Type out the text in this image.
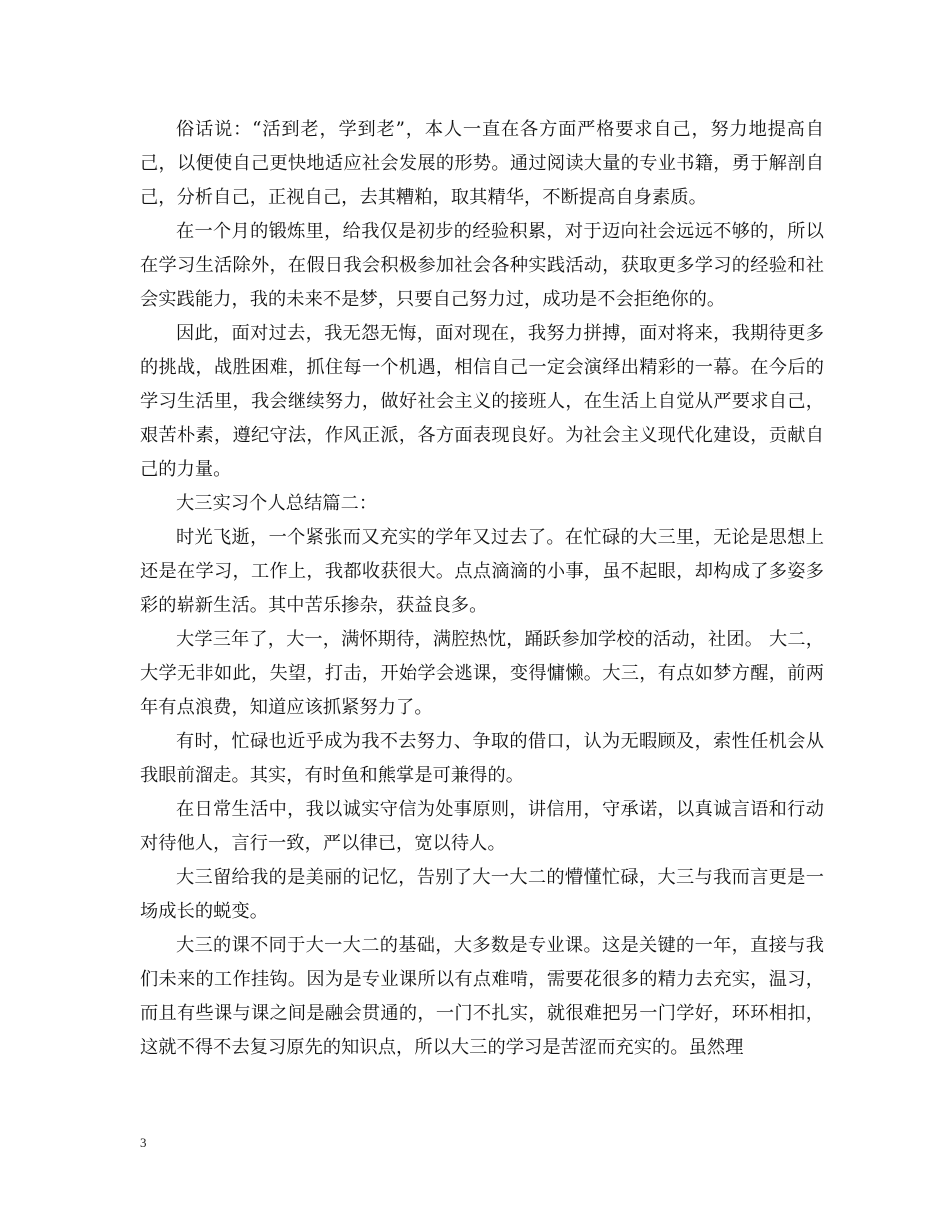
俗话说：“活到老，学到老”，本人一直在各方面严格要求自己，努力地提高自己，以便使自己更快地适应社会发展的形势。通过阅读大量的专业书籍，勇于解剖自己，分析自己，正视自己，去其糟粕，取其精华，不断提高自身素质。

在一个月的锻炼里，给我仅是初步的经验积累，对于迈向社会远远不够的，所以在学习生活除外，在假日我会积极参加社会各种实践活动，获取更多学习的经验和社会实践能力，我的未来不是梦，只要自己努力过，成功是不会拒绝你的。

因此，面对过去，我无怨无悔，面对现在，我努力拼搏，面对将来，我期待更多的挑战，战胜困难，抓住每一个机遇，相信自己一定会演绎出精彩的一幕。在今后的学习生活里，我会继续努力，做好社会主义的接班人，在生活上自觉从严要求自己，艰苦朴素，遵纪守法，作风正派，各方面表现良好。为社会主义现代化建设，贡献自己的力量。

大三实习个人总结篇二：

时光飞逝，一个紧张而又充实的学年又过去了。在忙碌的大三里，无论是思想上还是在学习，工作上，我都收获很大。点点滴滴的小事，虽不起眼，却构成了多姿多彩的崭新生活。其中苦乐掺杂，获益良多。

大学三年了，大一，满怀期待，满腔热忱，踊跃参加学校的活动，社团。 大二，大学无非如此，失望，打击，开始学会逃课，变得慵懒。大三，有点如梦方醒，前两年有点浪费，知道应该抓紧努力了。

有时，忙碌也近乎成为我不去努力、争取的借口，认为无暇顾及，索性任机会从我眼前溜走。其实，有时鱼和熊掌是可兼得的。

在日常生活中，我以诚实守信为处事原则，讲信用，守承诺，以真诚言语和行动对待他人，言行一致，严以律已，宽以待人。

大三留给我的是美丽的记忆，告别了大一大二的懵懂忙碌，大三与我而言更是一场成长的蜕变。

大三的课不同于大一大二的基础，大多数是专业课。这是关键的一年，直接与我们未来的工作挂钩。因为是专业课所以有点难啃，需要花很多的精力去充实，温习，而且有些课与课之间是融会贯通的，一门不扎实，就很难把另一门学好，环环相扣，这就不得不去复习原先的知识点，所以大三的学习是苦涩而充实的。虽然理

3
